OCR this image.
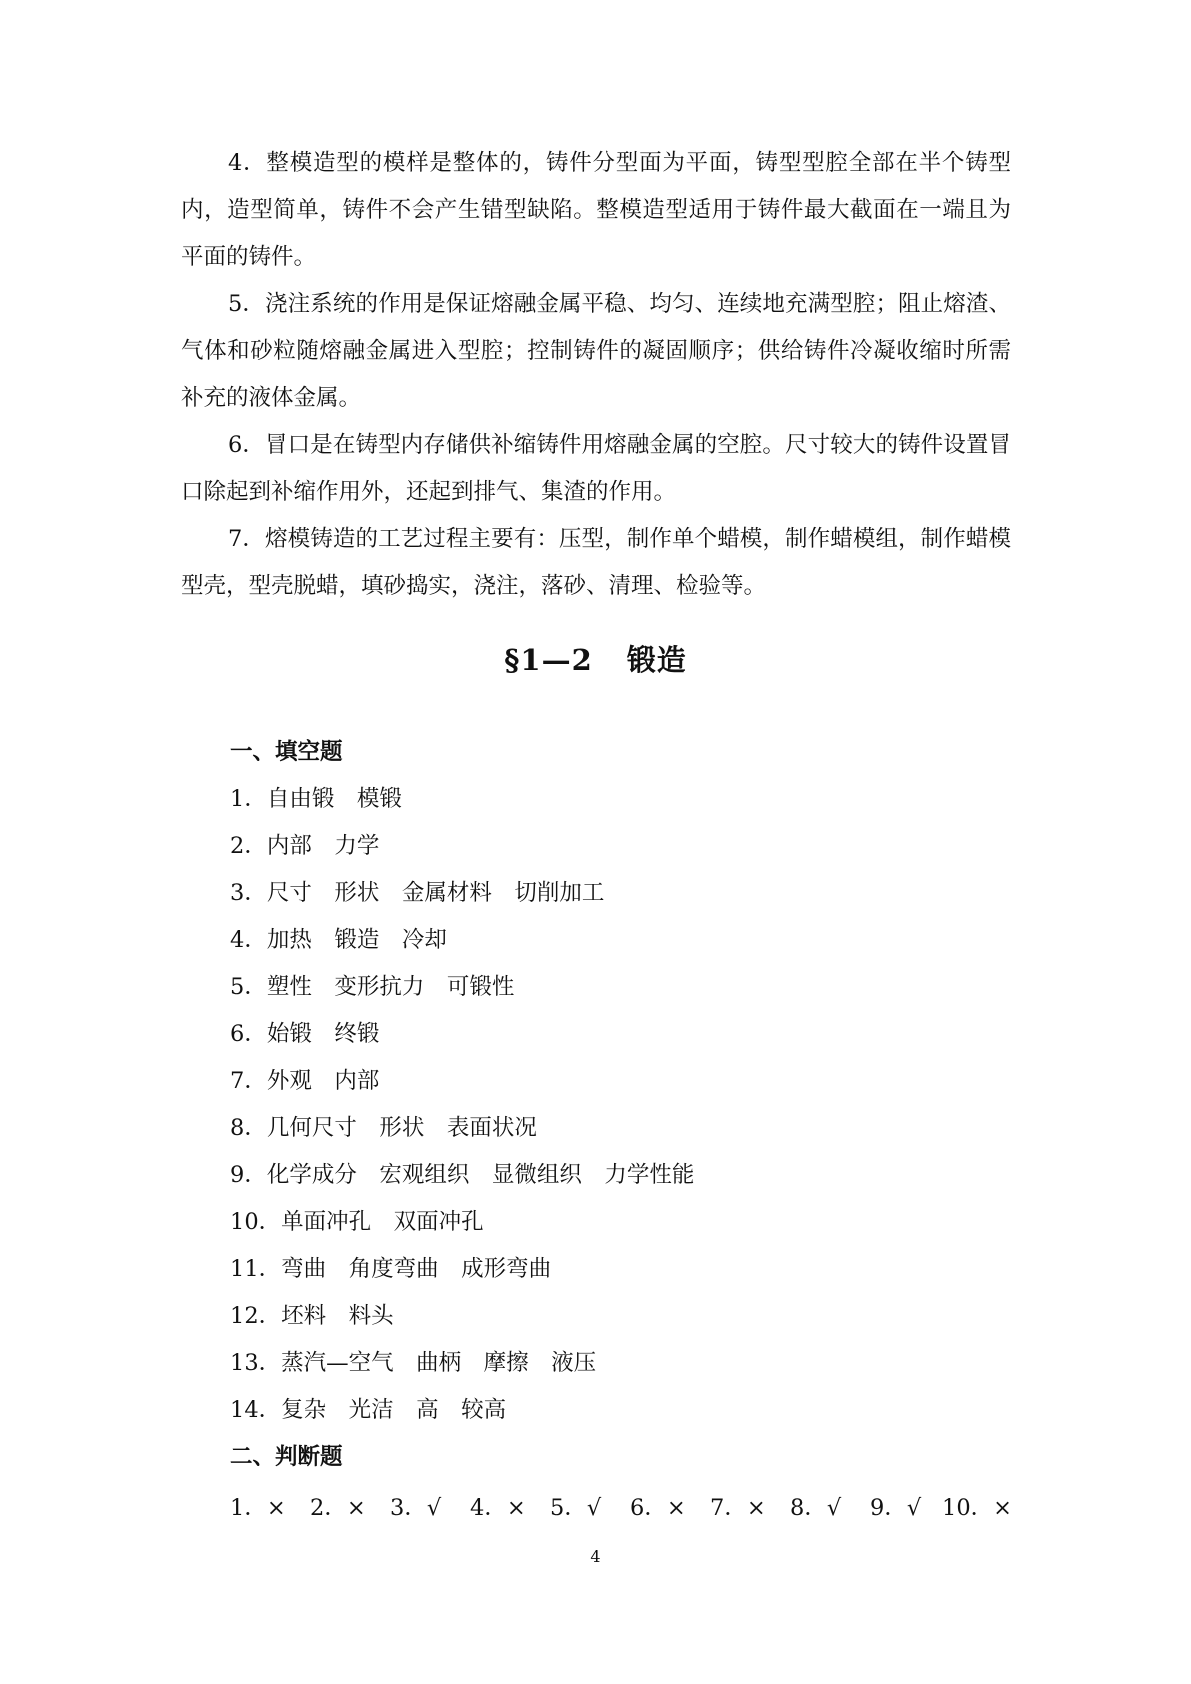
4．整模造型的模样是整体的，铸件分型面为平面，铸型型腔全部在半个铸型内，造型简单，铸件不会产生错型缺陷。整模造型适用于铸件最大截面在一端且为平面的铸件。

5．浇注系统的作用是保证熔融金属平稳、均匀、连续地充满型腔；阻止熔渣、气体和砂粒随熔融金属进入型腔；控制铸件的凝固顺序；供给铸件冷凝收缩时所需补充的液体金属。

6．冒口是在铸型内存储供补缩铸件用熔融金属的空腔。尺寸较大的铸件设置冒口除起到补缩作用外，还起到排气、集渣的作用。

7．熔模铸造的工艺过程主要有：压型，制作单个蜡模，制作蜡模组，制作蜡模型壳，型壳脱蜡，填砂捣实，浇注，落砂、清理、检验等。

§1—2 锻造
一、填空题
1．自由锻　模锻
2．内部　力学
3．尺寸　形状　金属材料　切削加工
4．加热　锻造　冷却
5．塑性　变形抗力　可锻性
6．始锻　终锻
7．外观　内部
8．几何尺寸　形状　表面状况
9．化学成分　宏观组织　显微组织　力学性能
10．单面冲孔　双面冲孔
11．弯曲　角度弯曲　成形弯曲
12．坯料　料头
13．蒸汽—空气　曲柄　摩擦　液压
14．复杂　光洁　高　较高
二、判断题
1．× 2．× 3．√ 4．× 5．√ 6．× 7．× 8．√ 9．√ 10．×
4
